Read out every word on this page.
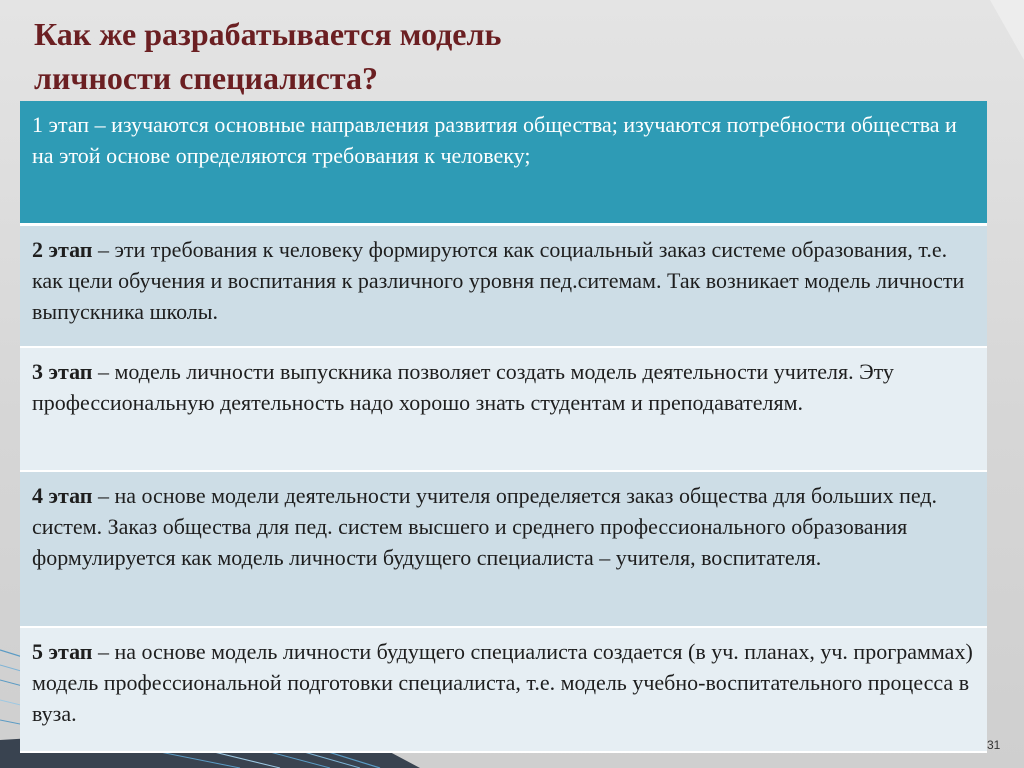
Как же разрабатывается модель
личности специалиста?
1 этап – изучаются основные направления развития общества; изучаются потребности общества и на этой основе определяются требования к человеку;
2 этап – эти требования к человеку формируются как социальный заказ системе образования, т.е. как цели обучения и воспитания к различного уровня пед.ситемам. Так возникает модель личности выпускника школы.
3 этап – модель личности выпускника позволяет создать модель деятельности учителя. Эту профессиональную деятельность надо хорошо знать студентам и преподавателям.
4 этап – на основе модели деятельности учителя определяется заказ общества для больших пед. систем. Заказ общества для пед. систем высшего и среднего профессионального образования формулируется как модель личности будущего специалиста – учителя, воспитателя.
5 этап – на основе модель личности будущего специалиста создается (в уч. планах, уч. программах) модель профессиональной подготовки специалиста, т.е. модель учебно-воспитательного процесса в вуза.
31
